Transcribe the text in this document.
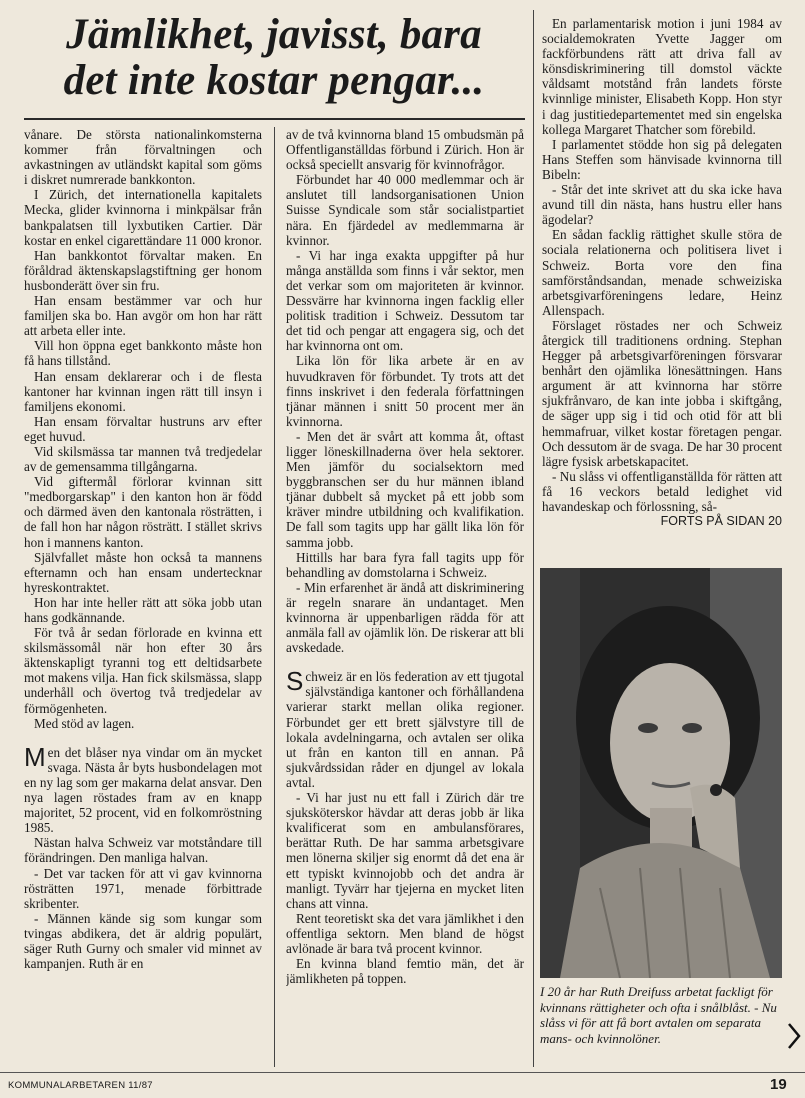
Jämlikhet, javisst, bara
det inte kostar pengar...

vånare. De största nationalinkomsterna kommer från förvaltningen och avkastningen av utländskt kapital som göms i diskret numrerade bankkonton.

I Zürich, det internationella kapitalets Mecka, glider kvinnorna i minkpälsar från bankpalatsen till lyxbutiken Cartier. Där kostar en enkel cigarettändare 11 000 kronor.

Han bankkontot förvaltar maken. En föråldrad äktenskapslagstiftning ger honom husbonderätt över sin fru.

Han ensam bestämmer var och hur familjen ska bo. Han avgör om hon har rätt att arbeta eller inte.

Vill hon öppna eget bankkonto måste hon få hans tillstånd.

Han ensam deklarerar och i de flesta kantoner har kvinnan ingen rätt till insyn i familjens ekonomi.

Han ensam förvaltar hustruns arv efter eget huvud.

Vid skilsmässa tar mannen två tredjedelar av de gemensamma tillgångarna.

Vid giftermål förlorar kvinnan sitt "medborgarskap" i den kanton hon är född och därmed även den kantonala rösträtten, i de fall hon har någon rösträtt. I stället skrivs hon i mannens kanton.

Självfallet måste hon också ta mannens efternamn och han ensam undertecknar hyreskontraktet.

Hon har inte heller rätt att söka jobb utan hans godkännande.

För två år sedan förlorade en kvinna ett skilsmässomål när hon efter 30 års äktenskapligt tyranni tog ett deltidsarbete mot makens vilja. Han fick skilsmässa, slapp underhåll och övertog två tredjedelar av förmögenheten.

Med stöd av lagen.

Men det blåser nya vindar om än mycket svaga. Nästa år byts husbondelagen mot en ny lag som ger makarna delat ansvar. Den nya lagen röstades fram av en knapp majoritet, 52 procent, vid en folkomröstning 1985.

Nästan halva Schweiz var motståndare till förändringen. Den manliga halvan.

- Det var tacken för att vi gav kvinnorna rösträtten 1971, menade förbittrade skribenter.

- Männen kände sig som kungar som tvingas abdikera, det är aldrig populärt, säger Ruth Gurny och smaler vid minnet av kampanjen. Ruth är en

av de två kvinnorna bland 15 ombudsmän på Offentliganställdas förbund i Zürich. Hon är också speciellt ansvarig för kvinnofrågor.

Förbundet har 40 000 medlemmar och är anslutet till landsorganisationen Union Suisse Syndicale som står socialistpartiet nära. En fjärdedel av medlemmarna är kvinnor.

- Vi har inga exakta uppgifter på hur många anställda som finns i vår sektor, men det verkar som om majoriteten är kvinnor. Dessvärre har kvinnorna ingen facklig eller politisk tradition i Schweiz. Dessutom tar det tid och pengar att engagera sig, och det har kvinnorna ont om.

Lika lön för lika arbete är en av huvudkraven för förbundet. Ty trots att det finns inskrivet i den federala författningen tjänar männen i snitt 50 procent mer än kvinnorna.

- Men det är svårt att komma åt, oftast ligger löneskillnaderna över hela sektorer. Men jämför du socialsektorn med byggbranschen ser du hur männen ibland tjänar dubbelt så mycket på ett jobb som kräver mindre utbildning och kvalifikation. De fall som tagits upp har gällt lika lön för samma jobb.

Hittills har bara fyra fall tagits upp för behandling av domstolarna i Schweiz.

- Min erfarenhet är ändå att diskriminering är regeln snarare än undantaget. Men kvinnorna är uppenbarligen rädda för att anmäla fall av ojämlik lön. De riskerar att bli avskedade.

Schweiz är en lös federation av ett tjugotal självständiga kantoner och förhållandena varierar starkt mellan olika regioner. Förbundet ger ett brett självstyre till de lokala avdelningarna, och avtalen ser olika ut från en kanton till en annan. På sjukvårdssidan råder en djungel av lokala avtal.

- Vi har just nu ett fall i Zürich där tre sjuksköterskor hävdar att deras jobb är lika kvalificerat som en ambulansförares, berättar Ruth. De har samma arbetsgivare men lönerna skiljer sig enormt då det ena är ett typiskt kvinnojobb och det andra är manligt. Tyvärr har tjejerna en mycket liten chans att vinna.

Rent teoretiskt ska det vara jämlikhet i den offentliga sektorn. Men bland de högst avlönade är bara två procent kvinnor.

En kvinna bland femtio män, det är jämlikheten på toppen.

En parlamentarisk motion i juni 1984 av socialdemokraten Yvette Jagger om fackförbundens rätt att driva fall av könsdiskriminering till domstol väckte våldsamt motstånd från landets förste kvinnlige minister, Elisabeth Kopp. Hon styr i dag justitiedepartementet med sin engelska kollega Margaret Thatcher som förebild.

I parlamentet stödde hon sig på delegaten Hans Steffen som hänvisade kvinnorna till Bibeln:

- Står det inte skrivet att du ska icke hava avund till din nästa, hans hustru eller hans ägodelar?

En sådan facklig rättighet skulle störa de sociala relationerna och politisera livet i Schweiz. Borta vore den fina samförståndsandan, menade schweiziska arbetsgivarföreningens ledare, Heinz Allenspach.

Förslaget röstades ner och Schweiz återgick till traditionens ordning. Stephan Hegger på arbetsgivarföreningen försvarar benhårt den ojämlika lönesättningen. Hans argument är att kvinnorna har större sjukfrånvaro, de kan inte jobba i skiftgång, de säger upp sig i tid och otid för att bli hemmafruar, vilket kostar företagen pengar. Och dessutom är de svaga. De har 30 procent lägre fysisk arbetskapacitet.

- Nu slåss vi offentliganställda för rätten att få 16 veckors betald ledighet vid havandeskap och förlossning, så-

FORTS PÅ SIDAN 20
I 20 år har Ruth Dreifuss arbetat fackligt för kvinnans rättigheter och ofta i snålblåst. - Nu slåss vi för att få bort avtalen om separata mans- och kvinnolöner.
KOMMUNALARBETAREN 11/87	19
